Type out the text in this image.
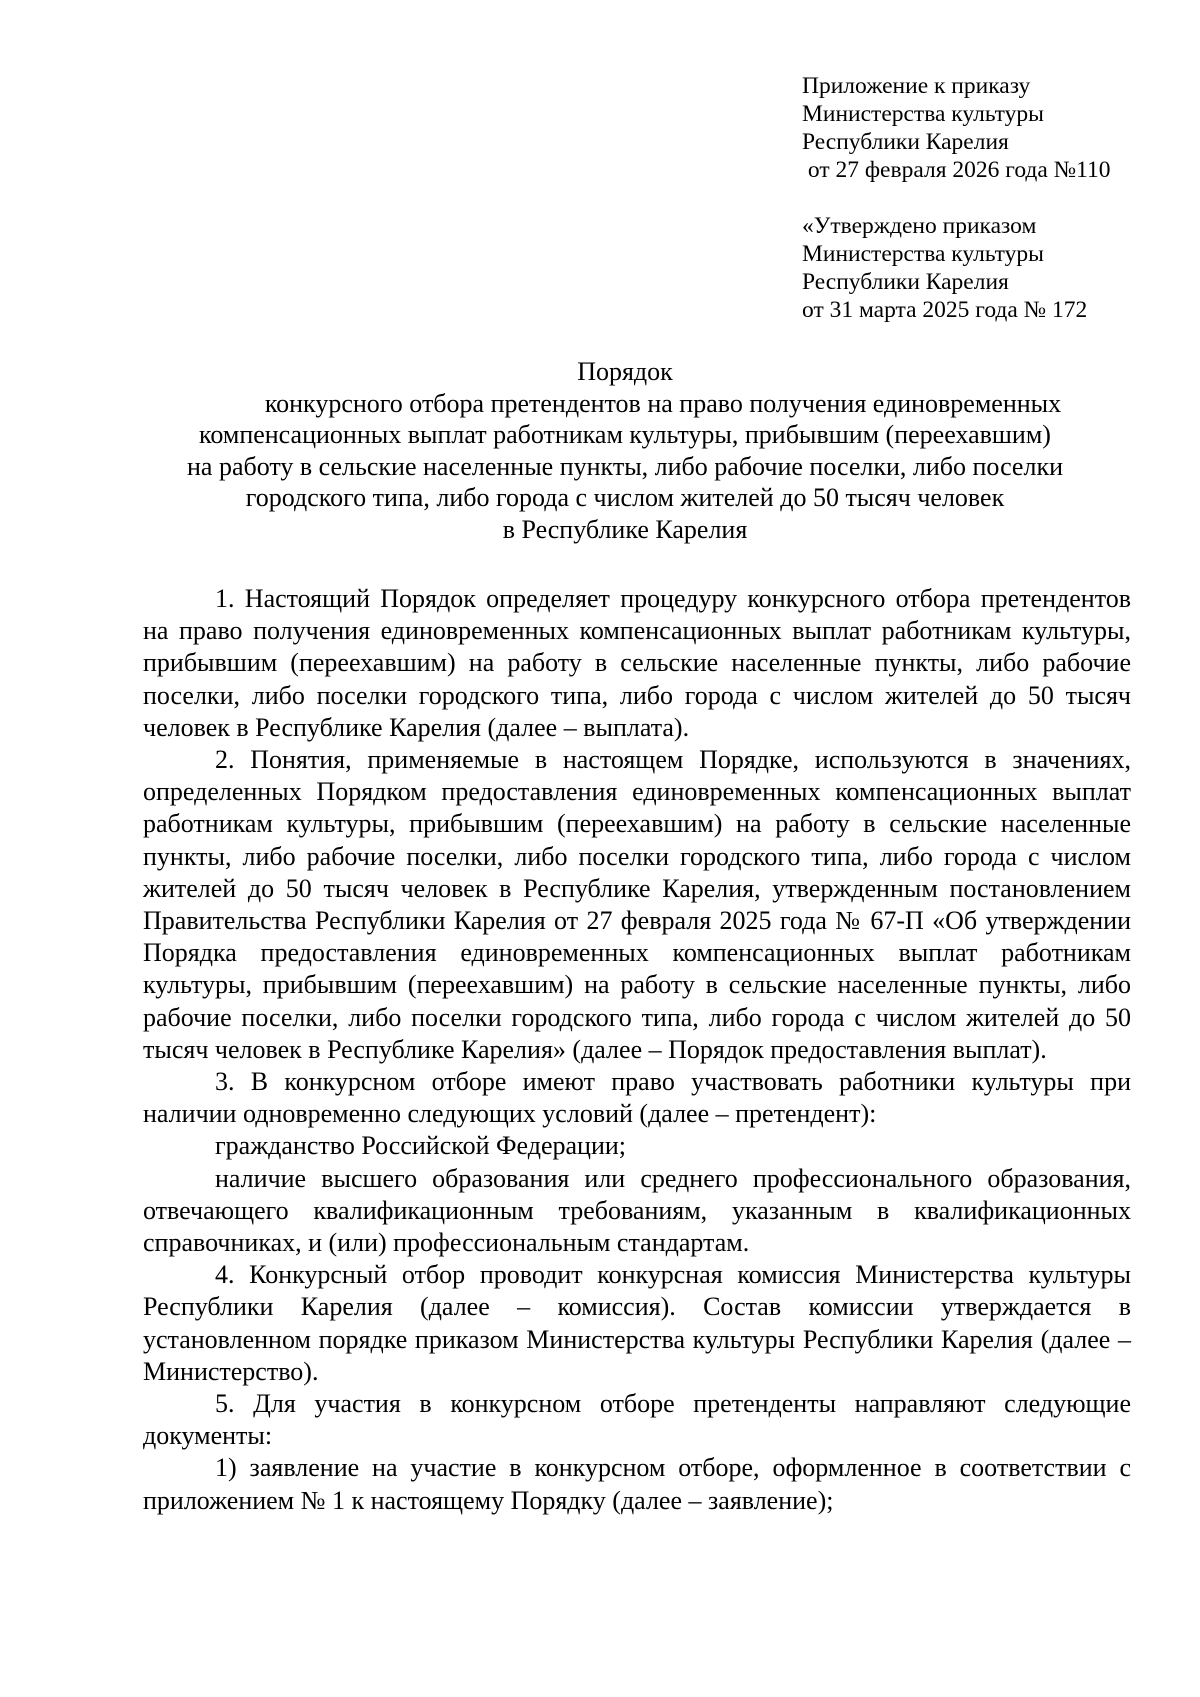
Приложение к приказу
Министерства культуры
Республики Карелия
от 27 февраля 2026 года №110
«Утверждено приказом
Министерства культуры
Республики Карелия
от 31 марта 2025 года № 172
Порядок
конкурсного отбора претендентов на право получения единовременных
компенсационных выплат работникам культуры, прибывшим (переехавшим)
на работу в сельские населенные пункты, либо рабочие поселки, либо поселки
городского типа, либо города с числом жителей до 50 тысяч человек
в Республике Карелия

1. Настоящий Порядок определяет процедуру конкурсного отбора претендентов на право получения единовременных компенсационных выплат работникам культуры, прибывшим (переехавшим) на работу в сельские населенные пункты, либо рабочие поселки, либо поселки городского типа, либо города с числом жителей до 50 тысяч человек в Республике Карелия (далее – выплата).

2. Понятия, применяемые в настоящем Порядке, используются в значениях, определенных Порядком предоставления единовременных компенсационных выплат работникам культуры, прибывшим (переехавшим) на работу в сельские населенные пункты, либо рабочие поселки, либо поселки городского типа, либо города с числом жителей до 50 тысяч человек в Республике Карелия, утвержденным постановлением Правительства Республики Карелия от 27 февраля 2025 года № 67-П «Об утверждении Порядка предоставления единовременных компенсационных выплат работникам культуры, прибывшим (переехавшим) на работу в сельские населенные пункты, либо рабочие поселки, либо поселки городского типа, либо города с числом жителей до 50 тысяч человек в Республике Карелия» (далее – Порядок предоставления выплат).

3. В конкурсном отборе имеют право участвовать работники культуры при наличии одновременно следующих условий (далее – претендент):

гражданство Российской Федерации;

наличие высшего образования или среднего профессионального образования, отвечающего квалификационным требованиям, указанным в квалификационных справочниках, и (или) профессиональным стандартам.

4. Конкурсный отбор проводит конкурсная комиссия Министерства культуры Республики Карелия (далее – комиссия). Состав комиссии утверждается в установленном порядке приказом Министерства культуры Республики Карелия (далее – Министерство).

5. Для участия в конкурсном отборе претенденты направляют следующие документы:

1) заявление на участие в конкурсном отборе, оформленное в соответствии с приложением № 1 к настоящему Порядку (далее – заявление);
